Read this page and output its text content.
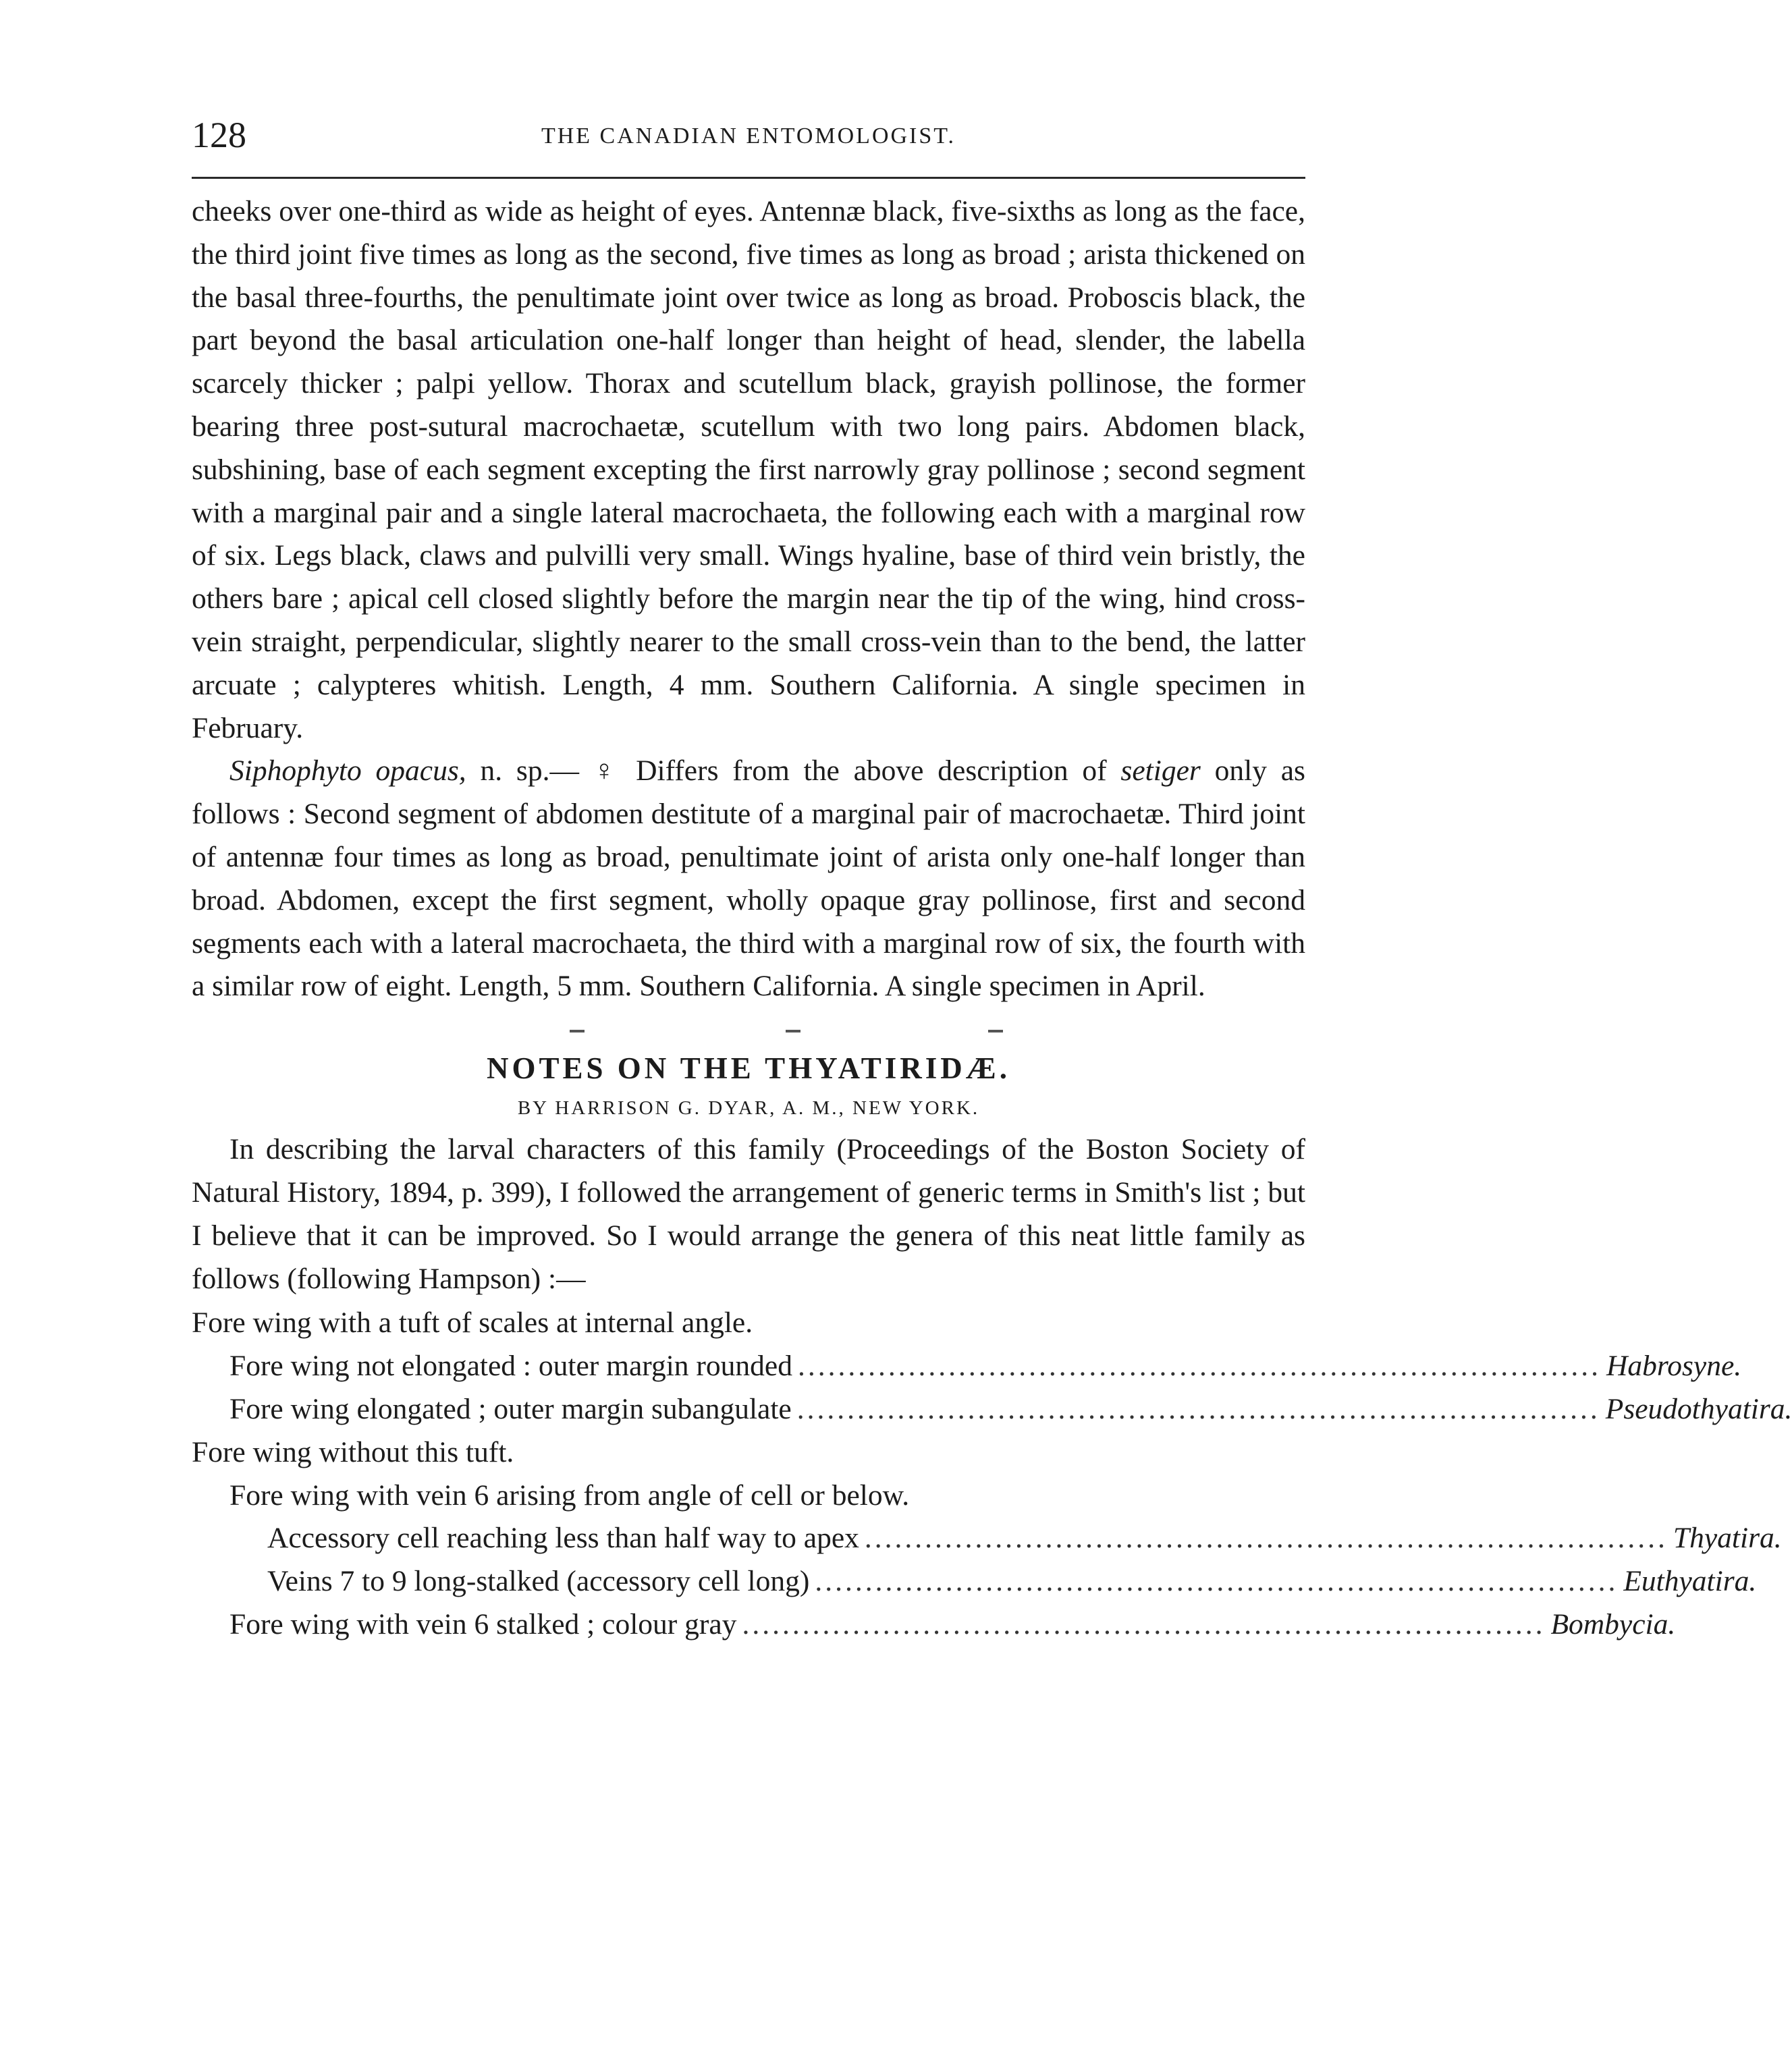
128	THE CANADIAN ENTOMOLOGIST.

cheeks over one-third as wide as height of eyes. Antennæ black, five-sixths as long as the face, the third joint five times as long as the second, five times as long as broad ; arista thickened on the basal three-fourths, the penultimate joint over twice as long as broad. Proboscis black, the part beyond the basal articulation one-half longer than height of head, slender, the labella scarcely thicker ; palpi yellow. Thorax and scutellum black, grayish pollinose, the former bearing three post-sutural macrochaetæ, scutellum with two long pairs. Abdomen black, subshining, base of each segment excepting the first narrowly gray pollinose ; second segment with a marginal pair and a single lateral macrochaeta, the following each with a marginal row of six. Legs black, claws and pulvilli very small. Wings hyaline, base of third vein bristly, the others bare ; apical cell closed slightly before the margin near the tip of the wing, hind cross-vein straight, perpendicular, slightly nearer to the small cross-vein than to the bend, the latter arcuate ; calypteres whitish. Length, 4 mm. Southern California. A single specimen in February.

Siphophyto opacus, n. sp.— ♀ Differs from the above description of setiger only as follows : Second segment of abdomen destitute of a marginal pair of macrochaetæ. Third joint of antennæ four times as long as broad, penultimate joint of arista only one-half longer than broad. Abdomen, except the first segment, wholly opaque gray pollinose, first and second segments each with a lateral macrochaeta, the third with a marginal row of six, the fourth with a similar row of eight. Length, 5 mm. Southern California. A single specimen in April.

NOTES ON THE THYATIRIDÆ.
BY HARRISON G. DYAR, A. M., NEW YORK.

In describing the larval characters of this family (Proceedings of the Boston Society of Natural History, 1894, p. 399), I followed the arrangement of generic terms in Smith's list ; but I believe that it can be improved. So I would arrange the genera of this neat little family as follows (following Hampson) :—

Fore wing with a tuft of scales at internal angle.
Fore wing not elongated : outer margin rounded ................................................................................ Habrosyne.
Fore wing elongated ; outer margin subangulate ................................................................................ Pseudothyatira.
Fore wing without this tuft.
Fore wing with vein 6 arising from angle of cell or below.
Accessory cell reaching less than half way to apex ................................................................................ Thyatira.
Veins 7 to 9 long-stalked (accessory cell long) ................................................................................ Euthyatira.
Fore wing with vein 6 stalked ; colour gray ................................................................................ Bombycia.
